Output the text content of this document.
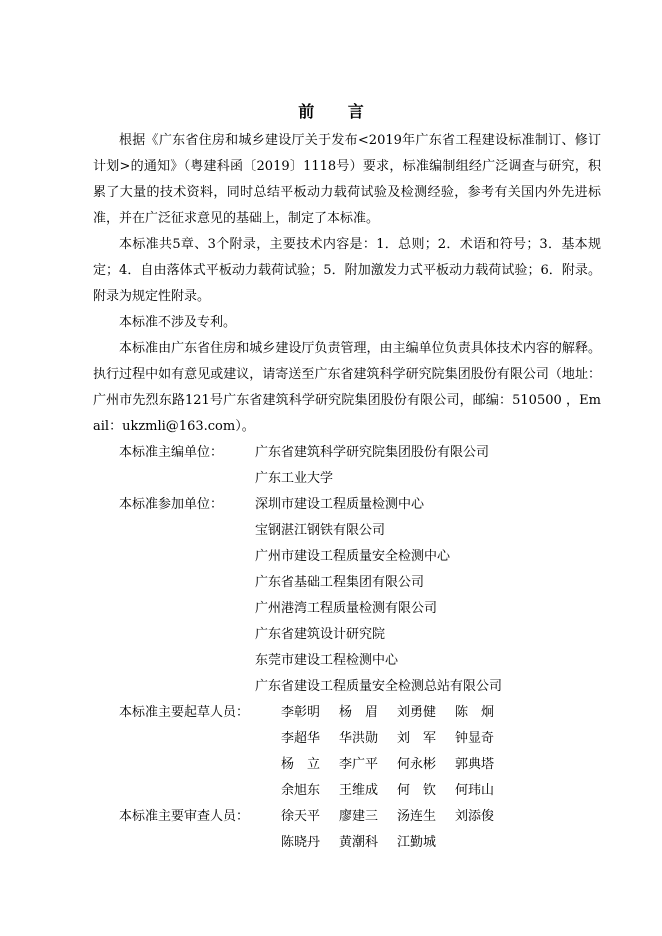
前 言

根据《广东省住房和城乡建设厅关于发布<2019年广东省工程建设标准制订、修订计划>的通知》（粤建科函〔2019〕1118号）要求，标准编制组经广泛调查与研究，积累了大量的技术资料，同时总结平板动力载荷试验及检测经验，参考有关国内外先进标准，并在广泛征求意见的基础上，制定了本标准。

本标准共5章、3个附录，主要技术内容是：1．总则；2．术语和符号；3．基本规定；4．自由落体式平板动力载荷试验；5．附加激发力式平板动力载荷试验；6．附录。附录为规定性附录。

本标准不涉及专利。

本标准由广东省住房和城乡建设厅负责管理，由主编单位负责具体技术内容的解释。执行过程中如有意见或建议，请寄送至广东省建筑科学研究院集团股份有限公司（地址：广州市先烈东路121号广东省建筑科学研究院集团股份有限公司，邮编：510500 ，Email：ukzmli@163.com）。

本标准主编单位：	广东省建筑科学研究院集团股份有限公司
广东工业大学
本标准参加单位：	深圳市建设工程质量检测中心
宝钢湛江钢铁有限公司
广州市建设工程质量安全检测中心
广东省基础工程集团有限公司
广州港湾工程质量检测有限公司
广东省建筑设计研究院
东莞市建设工程检测中心
广东省建设工程质量安全检测总站有限公司
本标准主要起草人员：	李彰明	杨　眉	刘勇健	陈　炯
李超华	华洪勋	刘　军	钟显奇
杨　立	李广平	何永彬	郭典塔
余旭东	王维成	何　钦	何玮山
本标准主要审查人员：	徐天平	廖建三	汤连生	刘添俊
陈晓丹	黄潮科	江勤城
